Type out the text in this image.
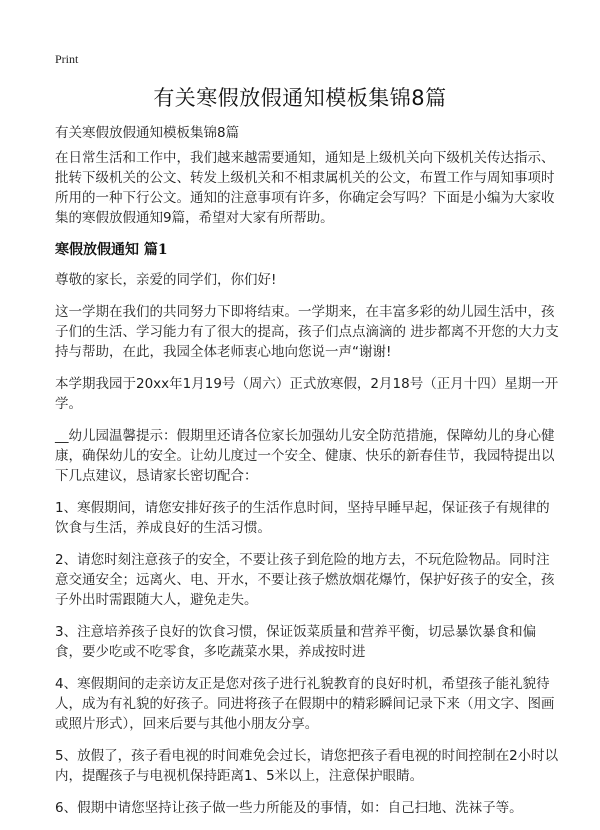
Print
有关寒假放假通知模板集锦8篇
有关寒假放假通知模板集锦8篇

在日常生活和工作中，我们越来越需要通知，通知是上级机关向下级机关传达指示、批转下级机关的公文、转发上级机关和不相隶属机关的公文，布置工作与周知事项时所用的一种下行公文。通知的注意事项有许多，你确定会写吗？下面是小编为大家收集的寒假放假通知9篇，希望对大家有所帮助。

寒假放假通知 篇1

尊敬的家长，亲爱的同学们，你们好!

这一学期在我们的共同努力下即将结束。一学期来，在丰富多彩的幼儿园生活中，孩子们的生活、学习能力有了很大的提高，孩子们点点滴滴的 进步都离不开您的大力支持与帮助，在此，我园全体老师衷心地向您说一声“谢谢!

本学期我园于20xx年1月19号（周六）正式放寒假，2月18号（正月十四）星期一开学。

__幼儿园温馨提示：假期里还请各位家长加强幼儿安全防范措施，保障幼儿的身心健康，确保幼儿的安全。让幼儿度过一个安全、健康、快乐的新春佳节，我园特提出以下几点建议，恳请家长密切配合：

1、寒假期间，请您安排好孩子的生活作息时间，坚持早睡早起，保证孩子有规律的饮食与生活，养成良好的生活习惯。

2、请您时刻注意孩子的安全，不要让孩子到危险的地方去，不玩危险物品。同时注意交通安全；远离火、电、开水，不要让孩子燃放烟花爆竹，保护好孩子的安全，孩子外出时需跟随大人，避免走失。

3、注意培养孩子良好的饮食习惯，保证饭菜质量和营养平衡，切忌暴饮暴食和偏食，要少吃或不吃零食，多吃蔬菜水果，养成按时进

4、寒假期间的走亲访友正是您对孩子进行礼貌教育的良好时机，希望孩子能礼貌待人，成为有礼貌的好孩子。同进将孩子在假期中的精彩瞬间记录下来（用文字、图画或照片形式），回来后要与其他小朋友分享。

5、放假了，孩子看电视的时间难免会过长，请您把孩子看电视的时间控制在2小时以内，提醒孩子与电视机保持距离1、5米以上，注意保护眼睛。

6、假期中请您坚持让孩子做一些力所能及的事情，如：自己扫地、洗袜子等。
